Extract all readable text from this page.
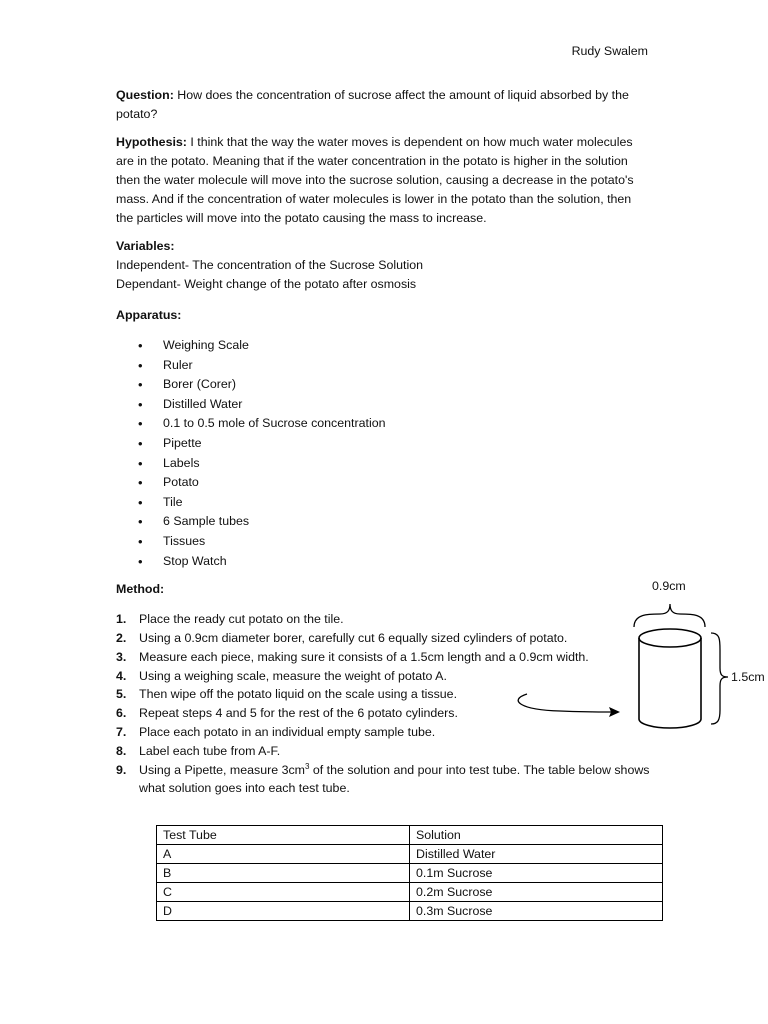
Rudy Swalem

Question: How does the concentration of sucrose affect the amount of liquid absorbed by the potato?

Hypothesis: I think that the way the water moves is dependent on how much water molecules are in the potato. Meaning that if the water concentration in the potato is higher in the solution then the water molecule will move into the sucrose solution, causing a decrease in the potato's mass. And if the concentration of water molecules is lower in the potato than the solution, then the particles will move into the potato causing the mass to increase.

Variables:

Independent- The concentration of the Sucrose Solution

Dependant- Weight change of the potato after osmosis

Apparatus:

• Weighing Scale
• Ruler
• Borer (Corer)
• Distilled Water
• 0.1 to 0.5 mole of Sucrose concentration
• Pipette
• Labels
• Potato
• Tile
• 6 Sample tubes
• Tissues
• Stop Watch

Method:

1. Place the ready cut potato on the tile.
2. Using a 0.9cm diameter borer, carefully cut 6 equally sized cylinders of potato.
3. Measure each piece, making sure it consists of a 1.5cm length and a 0.9cm width.
4. Using a weighing scale, measure the weight of potato A.
5. Then wipe off the potato liquid on the scale using a tissue.
6. Repeat steps 4 and 5 for the rest of the 6 potato cylinders.
7. Place each potato in an individual empty sample tube.
8. Label each tube from A-F.
9. Using a Pipette, measure $3cm^3$ of the solution and pour into test tube. The table below shows what solution goes into each test tube.
0.9cm
1.5cm
Test Tube	Solution
A	Distilled Water
B	0.1m Sucrose
C	0.2m Sucrose
D	0.3m Sucrose
